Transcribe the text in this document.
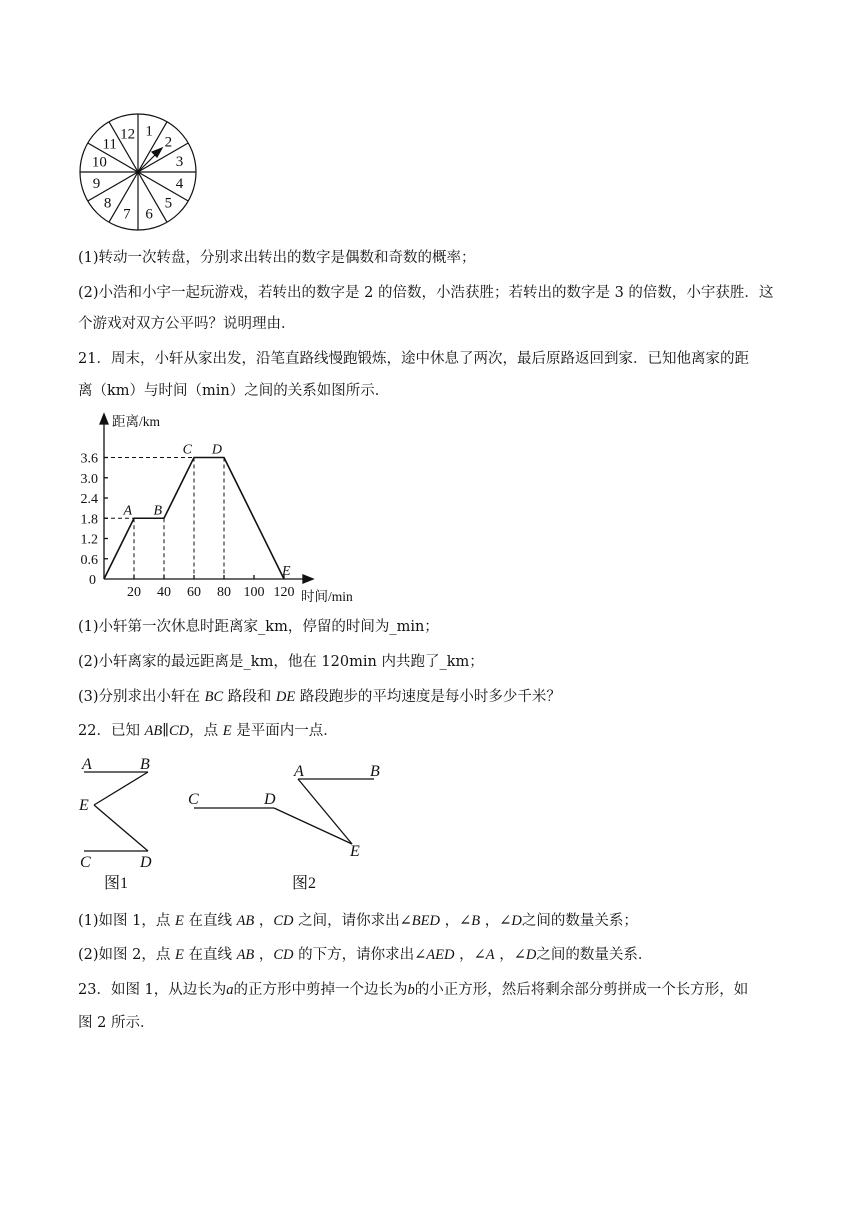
1
2
3
4
5
6
7
8
9
10
11
12
(1)转动一次转盘，分别求出转出的数字是偶数和奇数的概率；
(2)小浩和小宇一起玩游戏，若转出的数字是 2 的倍数，小浩获胜；若转出的数字是 3 的倍数，小宇获胜．这
个游戏对双方公平吗？说明理由．
21．周末，小轩从家出发，沿笔直路线慢跑锻炼，途中休息了两次，最后原路返回到家．已知他离家的距
离（km）与时间（min）之间的关系如图所示．
20 40 60 80 100 120
0.6
1.2
1.8
2.4
3.0
3.6
0
距离/km
时间/min
A B
C D
E
(1)小轩第一次休息时距离家_km，停留的时间为_min；
(2)小轩离家的最远距离是_km，他在 120min 内共跑了_km；
(3)分别求出小轩在 BC 路段和 DE 路段跑步的平均速度是每小时多少千米？
22．已知 AB∥CD，点 E 是平面内一点．
A	B
E
C	D
A	B
C	D
E
图1	图2
(1)如图 1，点 E 在直线 AB ，CD 之间，请你求出∠BED ，∠B ，∠D之间的数量关系；
(2)如图 2，点 E 在直线 AB ，CD 的下方，请你求出∠AED ，∠A ，∠D之间的数量关系．
23．如图 1，从边长为a的正方形中剪掉一个边长为b的小正方形，然后将剩余部分剪拼成一个长方形，如
图 2 所示．
